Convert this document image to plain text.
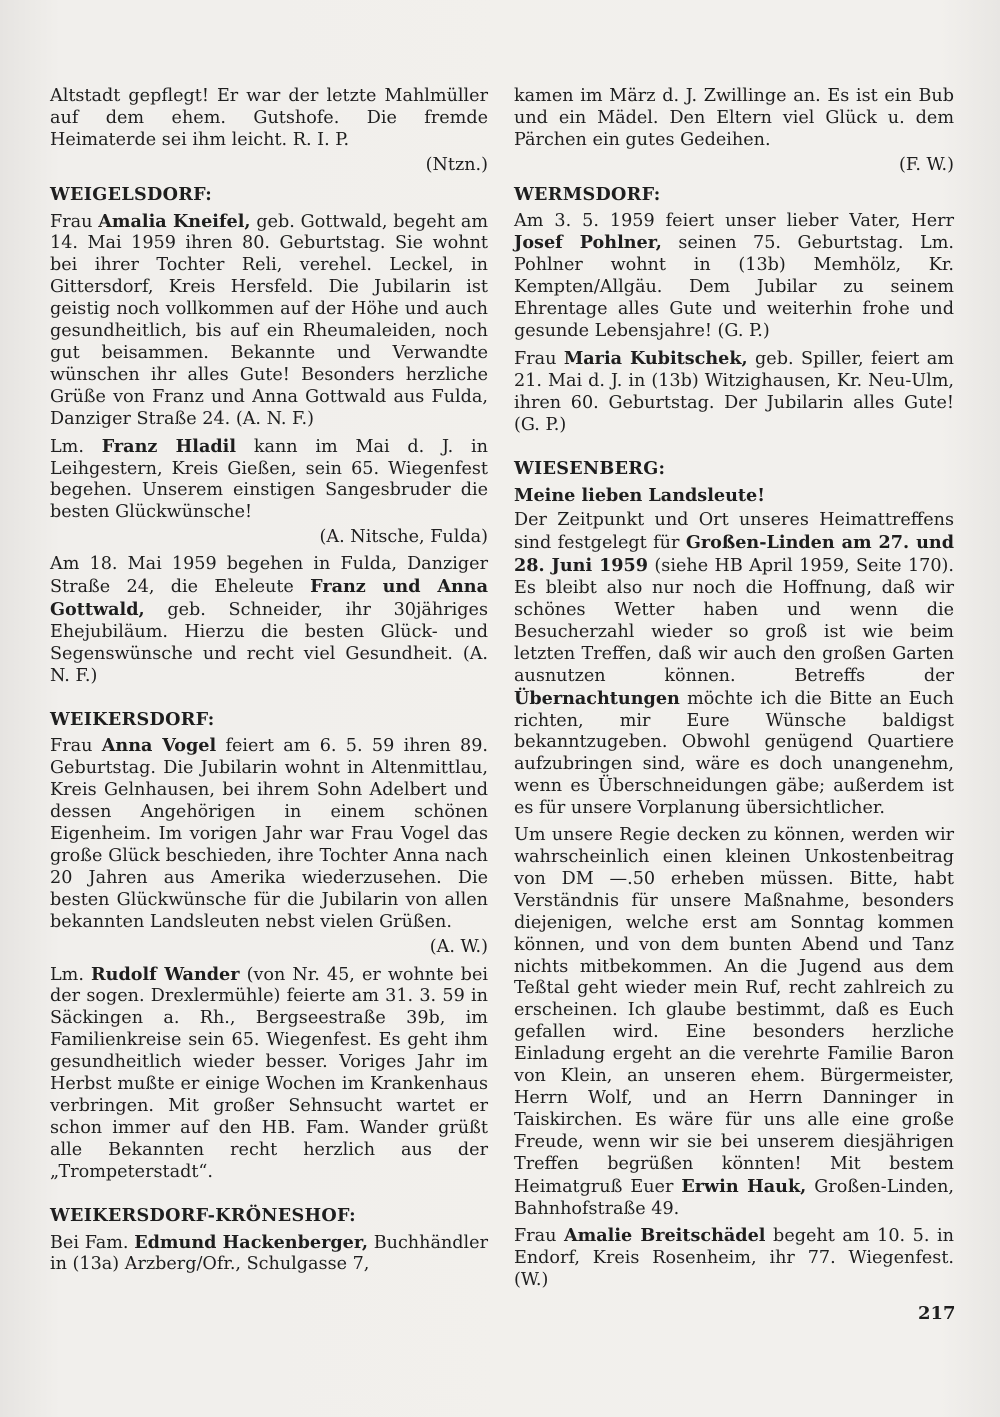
Altstadt gepflegt! Er war der letzte Mahlmüller auf dem ehem. Gutshofe. Die fremde Heimaterde sei ihm leicht. R. I. P.

(Ntzn.)

WEIGELSDORF:

Frau Amalia Kneifel, geb. Gottwald, begeht am 14. Mai 1959 ihren 80. Geburtstag. Sie wohnt bei ihrer Tochter Reli, verehel. Leckel, in Gittersdorf, Kreis Hersfeld. Die Jubilarin ist geistig noch vollkommen auf der Höhe und auch gesundheitlich, bis auf ein Rheumaleiden, noch gut beisammen. Bekannte und Verwandte wünschen ihr alles Gute! Besonders herzliche Grüße von Franz und Anna Gottwald aus Fulda, Danziger Straße 24. (A. N. F.)

Lm. Franz Hladil kann im Mai d. J. in Leihgestern, Kreis Gießen, sein 65. Wiegenfest begehen. Unserem einstigen Sangesbruder die besten Glückwünsche!

(A. Nitsche, Fulda)

Am 18. Mai 1959 begehen in Fulda, Danziger Straße 24, die Eheleute Franz und Anna Gottwald, geb. Schneider, ihr 30jähriges Ehejubiläum. Hierzu die besten Glück- und Segenswünsche und recht viel Gesundheit. (A. N. F.)

WEIKERSDORF:

Frau Anna Vogel feiert am 6. 5. 59 ihren 89. Geburtstag. Die Jubilarin wohnt in Altenmittlau, Kreis Gelnhausen, bei ihrem Sohn Adelbert und dessen Angehörigen in einem schönen Eigenheim. Im vorigen Jahr war Frau Vogel das große Glück beschieden, ihre Tochter Anna nach 20 Jahren aus Amerika wiederzusehen. Die besten Glückwünsche für die Jubilarin von allen bekannten Landsleuten nebst vielen Grüßen.

(A. W.)

Lm. Rudolf Wander (von Nr. 45, er wohnte bei der sogen. Drexlermühle) feierte am 31. 3. 59 in Säckingen a. Rh., Bergseestraße 39b, im Familienkreise sein 65. Wiegenfest. Es geht ihm gesundheitlich wieder besser. Voriges Jahr im Herbst mußte er einige Wochen im Krankenhaus verbringen. Mit großer Sehnsucht wartet er schon immer auf den HB. Fam. Wander grüßt alle Bekannten recht herzlich aus der „Trompeterstadt“.

WEIKERSDORF-KRÖNESHOF:

Bei Fam. Edmund Hackenberger, Buchhändler in (13a) Arzberg/Ofr., Schulgasse 7,

kamen im März d. J. Zwillinge an. Es ist ein Bub und ein Mädel. Den Eltern viel Glück u. dem Pärchen ein gutes Gedeihen.

(F. W.)

WERMSDORF:

Am 3. 5. 1959 feiert unser lieber Vater, Herr Josef Pohlner, seinen 75. Geburtstag. Lm. Pohlner wohnt in (13b) Memhölz, Kr. Kempten/Allgäu. Dem Jubilar zu seinem Ehrentage alles Gute und weiterhin frohe und gesunde Lebensjahre! (G. P.)

Frau Maria Kubitschek, geb. Spiller, feiert am 21. Mai d. J. in (13b) Witzighausen, Kr. Neu-Ulm, ihren 60. Geburtstag. Der Jubilarin alles Gute! (G. P.)

WIESENBERG:
Meine lieben Landsleute!

Der Zeitpunkt und Ort unseres Heimattreffens sind festgelegt für Großen-Linden am 27. und 28. Juni 1959 (siehe HB April 1959, Seite 170). Es bleibt also nur noch die Hoffnung, daß wir schönes Wetter haben und wenn die Besucherzahl wieder so groß ist wie beim letzten Treffen, daß wir auch den großen Garten ausnutzen können. Betreffs der Übernachtungen möchte ich die Bitte an Euch richten, mir Eure Wünsche baldigst bekanntzugeben. Obwohl genügend Quartiere aufzubringen sind, wäre es doch unangenehm, wenn es Überschneidungen gäbe; außerdem ist es für unsere Vorplanung übersichtlicher.

Um unsere Regie decken zu können, werden wir wahrscheinlich einen kleinen Unkostenbeitrag von DM —.50 erheben müssen. Bitte, habt Verständnis für unsere Maßnahme, besonders diejenigen, welche erst am Sonntag kommen können, und von dem bunten Abend und Tanz nichts mitbekommen. An die Jugend aus dem Teßtal geht wieder mein Ruf, recht zahlreich zu erscheinen. Ich glaube bestimmt, daß es Euch gefallen wird. Eine besonders herzliche Einladung ergeht an die verehrte Familie Baron von Klein, an unseren ehem. Bürgermeister, Herrn Wolf, und an Herrn Danninger in Taiskirchen. Es wäre für uns alle eine große Freude, wenn wir sie bei unserem diesjährigen Treffen begrüßen könnten! Mit bestem Heimatgruß Euer Erwin Hauk, Großen-Linden, Bahnhofstraße 49.

Frau Amalie Breitschädel begeht am 10. 5. in Endorf, Kreis Rosenheim, ihr 77. Wiegenfest. (W.)

217
